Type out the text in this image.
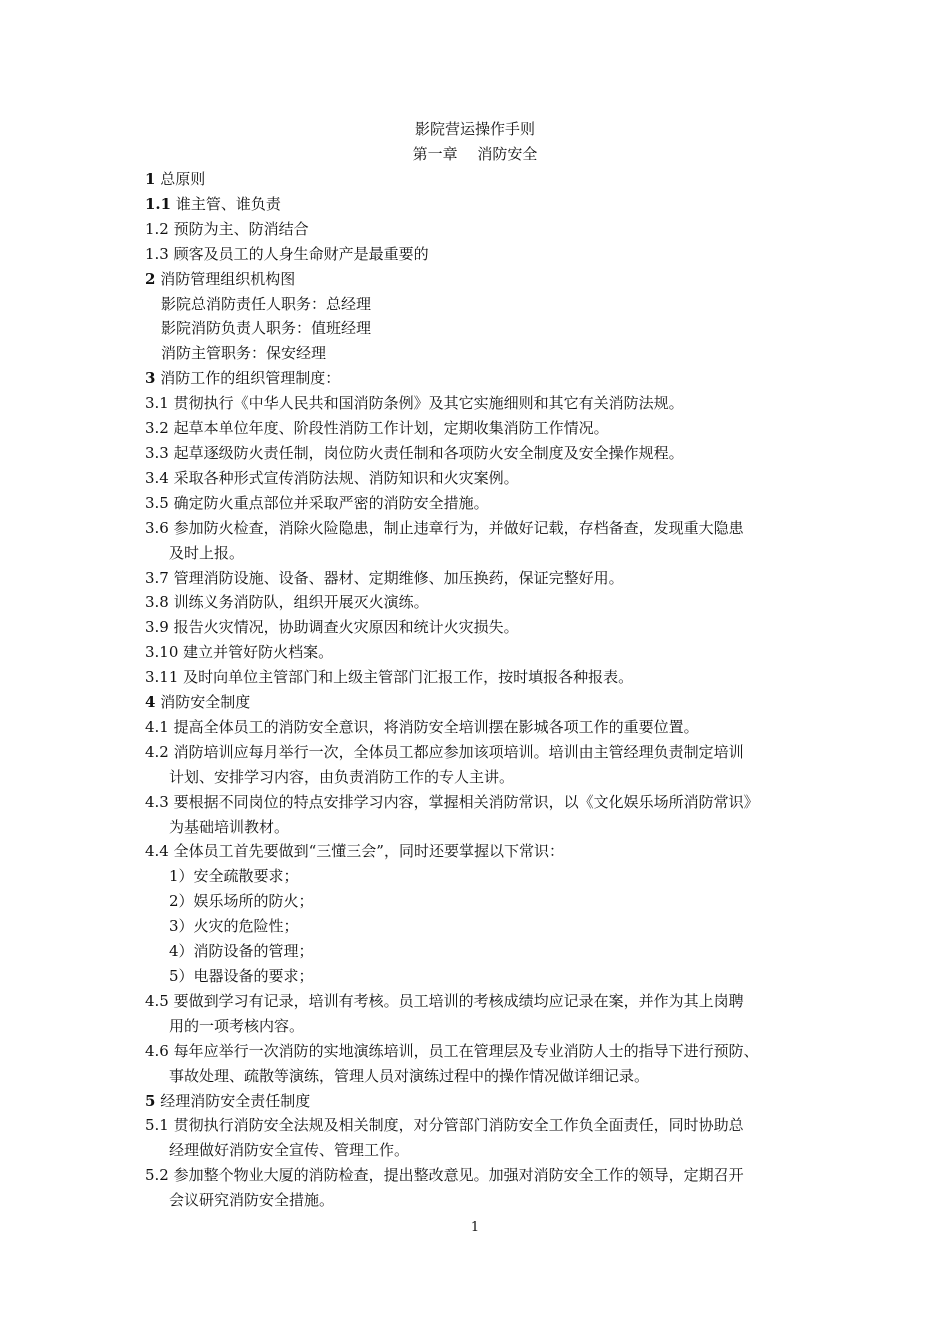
影院营运操作手则
第一章　 消防安全
1 总原则
1.1 谁主管、谁负责
1.2 预防为主、防消结合
1.3 顾客及员工的人身生命财产是最重要的
2 消防管理组织机构图
影院总消防责任人职务：总经理
影院消防负责人职务：值班经理
消防主管职务：保安经理
3 消防工作的组织管理制度：
3.1 贯彻执行《中华人民共和国消防条例》及其它实施细则和其它有关消防法规。
3.2 起草本单位年度、阶段性消防工作计划，定期收集消防工作情况。
3.3 起草逐级防火责任制，岗位防火责任制和各项防火安全制度及安全操作规程。
3.4 采取各种形式宣传消防法规、消防知识和火灾案例。
3.5 确定防火重点部位并采取严密的消防安全措施。
3.6 参加防火检查，消除火险隐患，制止违章行为，并做好记载，存档备查，发现重大隐患
及时上报。
3.7 管理消防设施、设备、器材、定期维修、加压换药，保证完整好用。
3.8 训练义务消防队，组织开展灭火演练。
3.9 报告火灾情况，协助调查火灾原因和统计火灾损失。
3.10 建立并管好防火档案。
3.11 及时向单位主管部门和上级主管部门汇报工作，按时填报各种报表。
4 消防安全制度
4.1 提高全体员工的消防安全意识，将消防安全培训摆在影城各项工作的重要位置。
4.2 消防培训应每月举行一次，全体员工都应参加该项培训。培训由主管经理负责制定培训
计划、安排学习内容，由负责消防工作的专人主讲。
4.3 要根据不同岗位的特点安排学习内容，掌握相关消防常识，以《文化娱乐场所消防常识》
为基础培训教材。
4.4 全体员工首先要做到“三懂三会”，同时还要掌握以下常识：
1）安全疏散要求；
2）娱乐场所的防火；
3）火灾的危险性；
4）消防设备的管理；
5）电器设备的要求；
4.5 要做到学习有记录，培训有考核。员工培训的考核成绩均应记录在案，并作为其上岗聘
用的一项考核内容。
4.6 每年应举行一次消防的实地演练培训，员工在管理层及专业消防人士的指导下进行预防、
事故处理、疏散等演练，管理人员对演练过程中的操作情况做详细记录。
5 经理消防安全责任制度
5.1 贯彻执行消防安全法规及相关制度，对分管部门消防安全工作负全面责任，同时协助总
经理做好消防安全宣传、管理工作。
5.2 参加整个物业大厦的消防检查，提出整改意见。加强对消防安全工作的领导，定期召开
会议研究消防安全措施。
1
